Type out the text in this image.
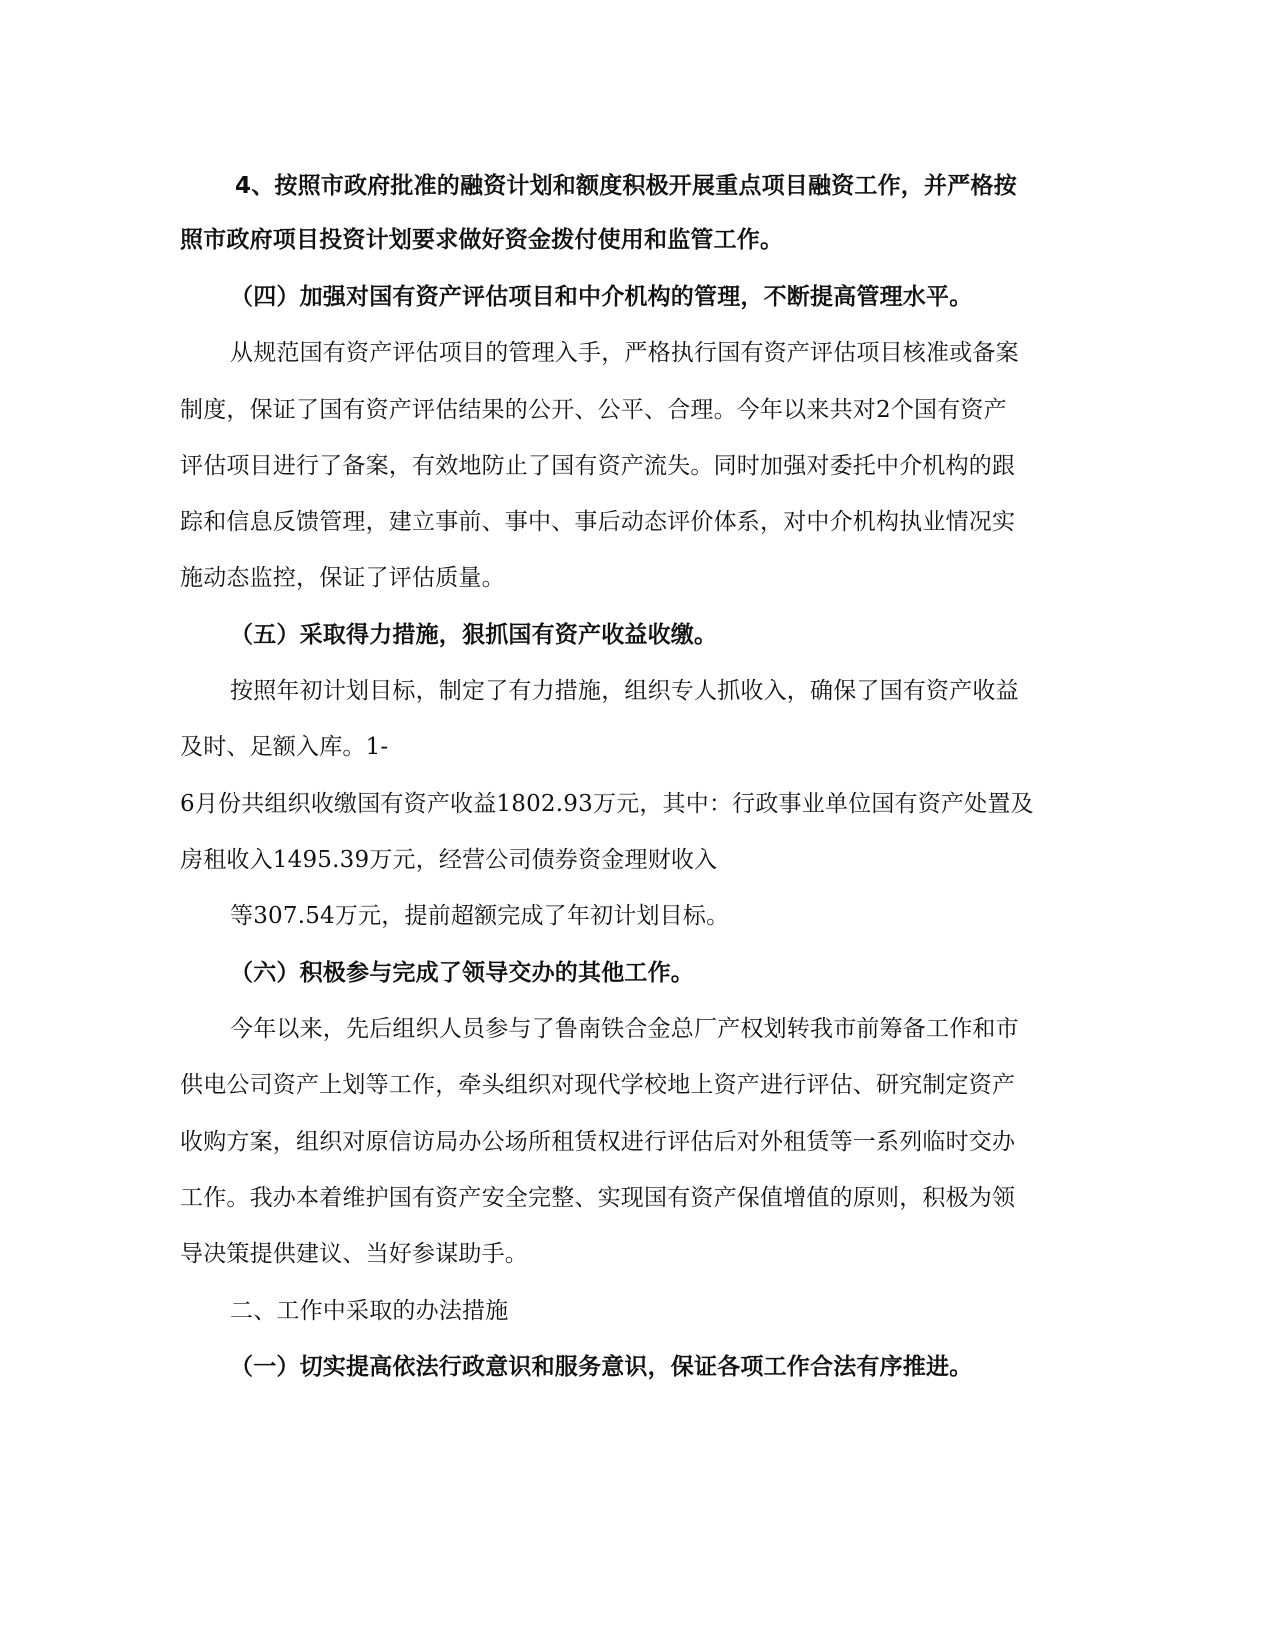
4、按照市政府批准的融资计划和额度积极开展重点项目融资工作，并严格按
照市政府项目投资计划要求做好资金拨付使用和监管工作。
（四）加强对国有资产评估项目和中介机构的管理，不断提高管理水平。
从规范国有资产评估项目的管理入手，严格执行国有资产评估项目核准或备案
制度，保证了国有资产评估结果的公开、公平、合理。今年以来共对2个国有资产
评估项目进行了备案，有效地防止了国有资产流失。同时加强对委托中介机构的跟
踪和信息反馈管理，建立事前、事中、事后动态评价体系，对中介机构执业情况实
施动态监控，保证了评估质量。
（五）采取得力措施，狠抓国有资产收益收缴。
按照年初计划目标，制定了有力措施，组织专人抓收入，确保了国有资产收益
及时、足额入库。1-
6月份共组织收缴国有资产收益1802.93万元，其中：行政事业单位国有资产处置及
房租收入1495.39万元，经营公司债券资金理财收入
等307.54万元，提前超额完成了年初计划目标。
（六）积极参与完成了领导交办的其他工作。
今年以来，先后组织人员参与了鲁南铁合金总厂产权划转我市前筹备工作和市
供电公司资产上划等工作，牵头组织对现代学校地上资产进行评估、研究制定资产
收购方案，组织对原信访局办公场所租赁权进行评估后对外租赁等一系列临时交办
工作。我办本着维护国有资产安全完整、实现国有资产保值增值的原则，积极为领
导决策提供建议、当好参谋助手。
二、工作中采取的办法措施
（一）切实提高依法行政意识和服务意识，保证各项工作合法有序推进。
